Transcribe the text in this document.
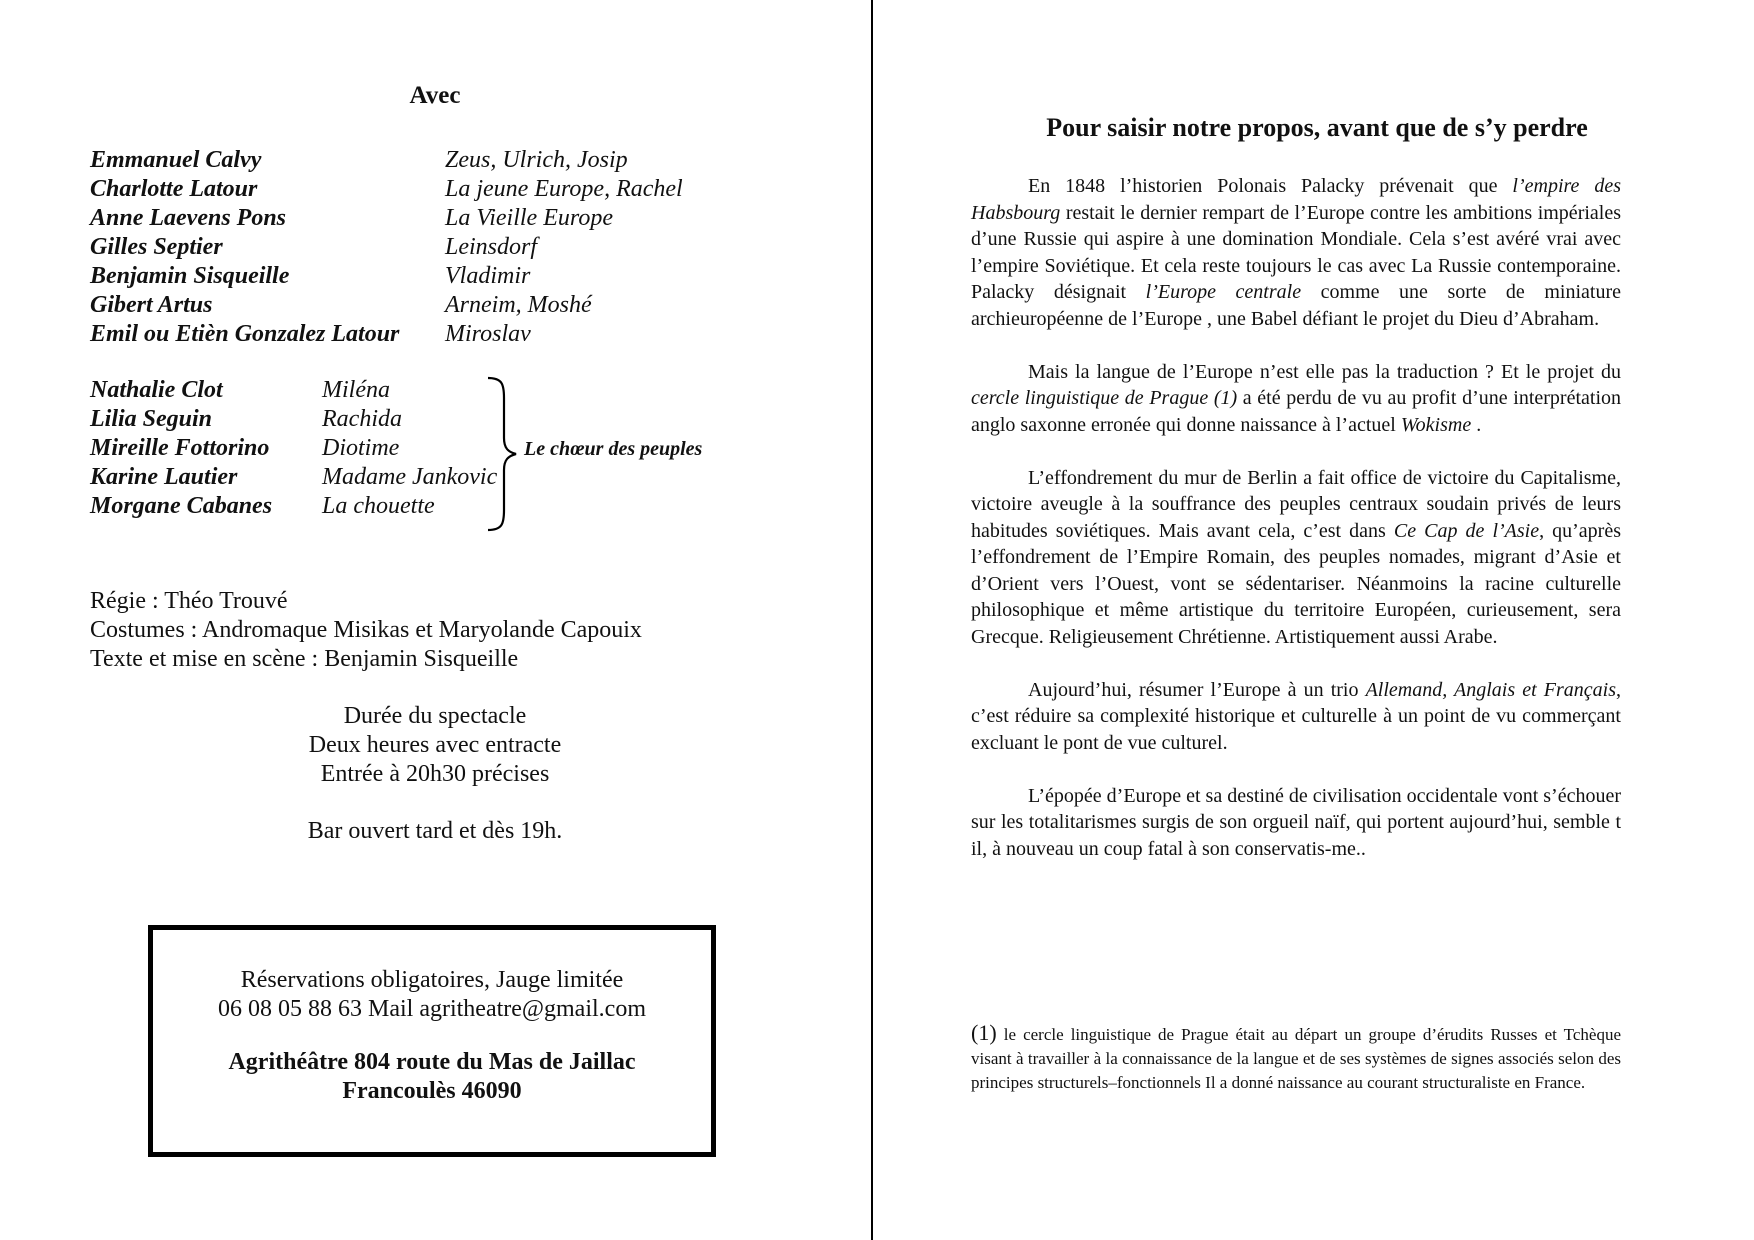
Avec
Emmanuel Calvy	Zeus, Ulrich, Josip
Charlotte Latour	La jeune Europe, Rachel
Anne Laevens Pons	La Vieille Europe
Gilles Septier	Leinsdorf
Benjamin Sisqueille	Vladimir
Gibert Artus	Arneim, Moshé
Emil ou Etièn Gonzalez Latour	Miroslav
Nathalie Clot	Miléna
Lilia Seguin	Rachida
Mireille Fottorino	Diotime
Karine Lautier	Madame Jankovic
Morgane Cabanes	La chouette
Le chœur des peuples
Régie : Théo Trouvé
Costumes : Andromaque Misikas et Maryolande Capouix
Texte et mise en scène : Benjamin Sisqueille
Durée du spectacle
Deux heures avec entracte
Entrée à 20h30 précises
Bar ouvert tard et dès 19h.
Réservations obligatoires, Jauge limitée
06 08 05 88 63 Mail agritheatre@gmail.com
Agrithéâtre 804 route du Mas de Jaillac
Francoulès 46090
Pour saisir notre propos, avant que de s’y perdre

En 1848 l’historien Polonais Palacky prévenait que l’empire des Habsbourg restait le dernier rempart de l’Europe contre les ambitions impériales d’une Russie qui aspire à une domination Mondiale. Cela s’est avéré vrai avec l’empire Soviétique. Et cela reste toujours le cas avec La Russie contemporaine. Palacky désignait l’Europe centrale comme une sorte de miniature archieuropéenne de l’Europe , une Babel défiant le projet du Dieu d’Abraham.

Mais la langue de l’Europe n’est elle pas la traduction ? Et le projet du cercle linguistique de Prague (1) a été perdu de vu au profit d’une interprétation anglo saxonne erronée qui donne naissance à l’actuel Wokisme .

L’effondrement du mur de Berlin a fait office de victoire du Capitalisme, victoire aveugle à la souffrance des peuples centraux soudain privés de leurs habitudes soviétiques. Mais avant cela, c’est dans Ce Cap de l’Asie, qu’après l’effondrement de l’Empire Romain, des peuples nomades, migrant d’Asie et d’Orient vers l’Ouest, vont se sédentariser. Néanmoins la racine culturelle philosophique et même artistique du territoire Européen, curieusement, sera Grecque. Religieusement Chrétienne. Artistiquement aussi Arabe.

Aujourd’hui, résumer l’Europe à un trio Allemand, Anglais et Français, c’est réduire sa complexité historique et culturelle à un point de vu commerçant excluant le pont de vue culturel.

L’épopée d’Europe et sa destiné de civilisation occidentale vont s’échouer sur les totalitarismes surgis de son orgueil naïf, qui portent aujourd’hui, semble t il, à nouveau un coup fatal à son conservatis-me..

(1) le cercle linguistique de Prague était au départ un groupe d’érudits Russes et Tchèque visant à travailler à la connaissance de la langue et de ses systèmes de signes associés selon des principes structurels–fonctionnels Il a donné naissance au courant structuraliste en France.
